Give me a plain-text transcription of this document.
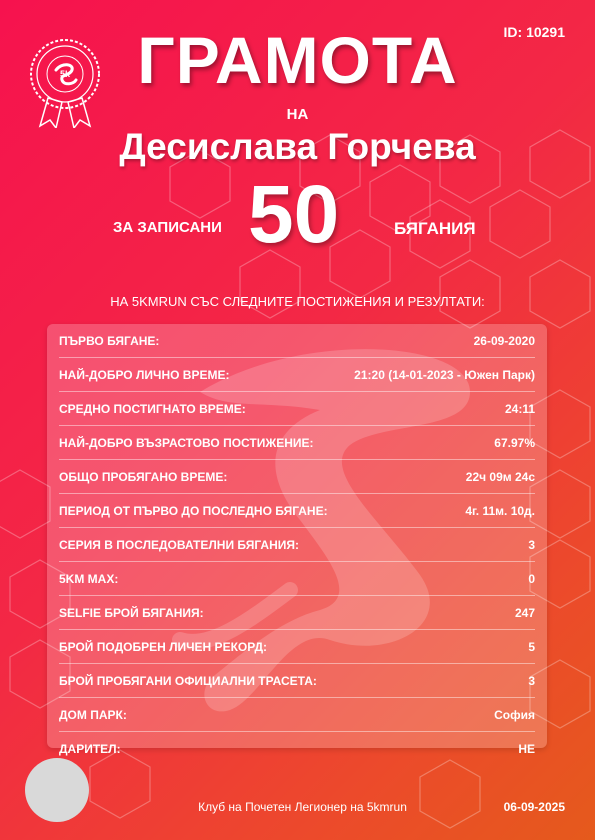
5k
ID: 10291
ГРАМОТА
НА
Десислава Горчева
ЗА ЗАПИСАНИ 50	БЯГАНИЯ
НА 5KMRUN СЪС СЛЕДНИТЕ ПОСТИЖЕНИЯ И РЕЗУЛТАТИ:
ПЪРВО БЯГАНЕ:	26-09-2020
НАЙ-ДОБРО ЛИЧНО ВРЕМЕ:	21:20 (14-01-2023 - Южен Парк)
СРЕДНО ПОСТИГНАТО ВРЕМЕ:	24:11
НАЙ-ДОБРО ВЪЗРАСТОВО ПОСТИЖЕНИЕ:	67.97%
ОБЩО ПРОБЯГАНО ВРЕМЕ:	22ч 09м 24с
ПЕРИОД ОТ ПЪРВО ДО ПОСЛЕДНО БЯГАНЕ:	4г. 11м. 10д.
СЕРИЯ В ПОСЛЕДОВАТЕЛНИ БЯГАНИЯ:	3
5KM MAX:	0
SELFIE БРОЙ БЯГАНИЯ:	247
БРОЙ ПОДОБРЕН ЛИЧЕН РЕКОРД:	5
БРОЙ ПРОБЯГАНИ ОФИЦИАЛНИ ТРАСЕТА:	3
ДОМ ПАРК:	София
ДАРИТЕЛ:	НЕ
Клуб на Почетен Легионер на 5kmrun	06-09-2025
